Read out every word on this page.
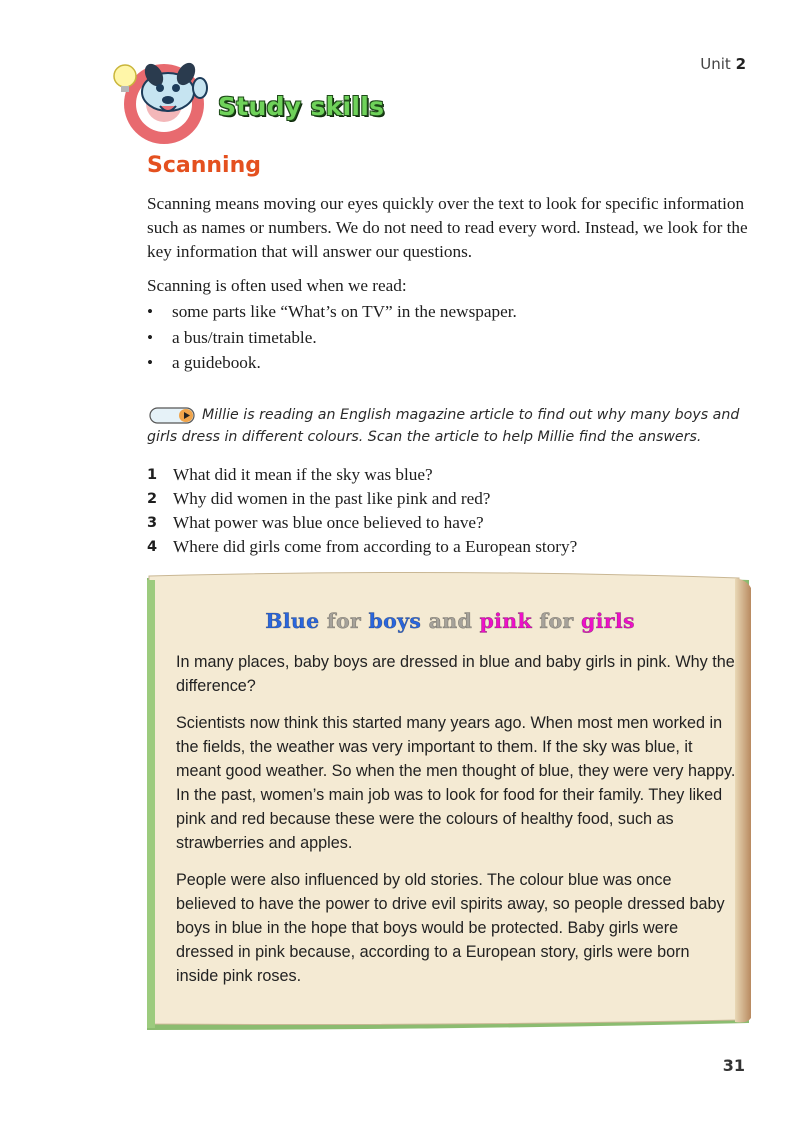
Unit 2
Study skills
Scanning

Scanning means moving our eyes quickly over the text to look for specific information such as names or numbers. We do not need to read every word. Instead, we look for the key information that will answer our questions.

Scanning is often used when we read:

• some parts like “What’s on TV” in the newspaper.
• a bus/train timetable.
• a guidebook.

Millie is reading an English magazine article to find out why many boys and girls dress in different colours. Scan the article to help Millie find the answers.

1 What did it mean if the sky was blue?
2 Why did women in the past like pink and red?
3 What power was blue once believed to have?
4 Where did girls come from according to a European story?
Blue for boys and pink for girls

In many places, baby boys are dressed in blue and baby girls in pink. Why the difference?

Scientists now think this started many years ago. When most men worked in the fields, the weather was very important to them. If the sky was blue, it meant good weather. So when the men thought of blue, they were very happy. In the past, women’s main job was to look for food for their family. They liked pink and red because these were the colours of healthy food, such as strawberries and apples.

People were also influenced by old stories. The colour blue was once believed to have the power to drive evil spirits away, so people dressed baby boys in blue in the hope that boys would be protected. Baby girls were dressed in pink because, according to a European story, girls were born inside pink roses.

31
